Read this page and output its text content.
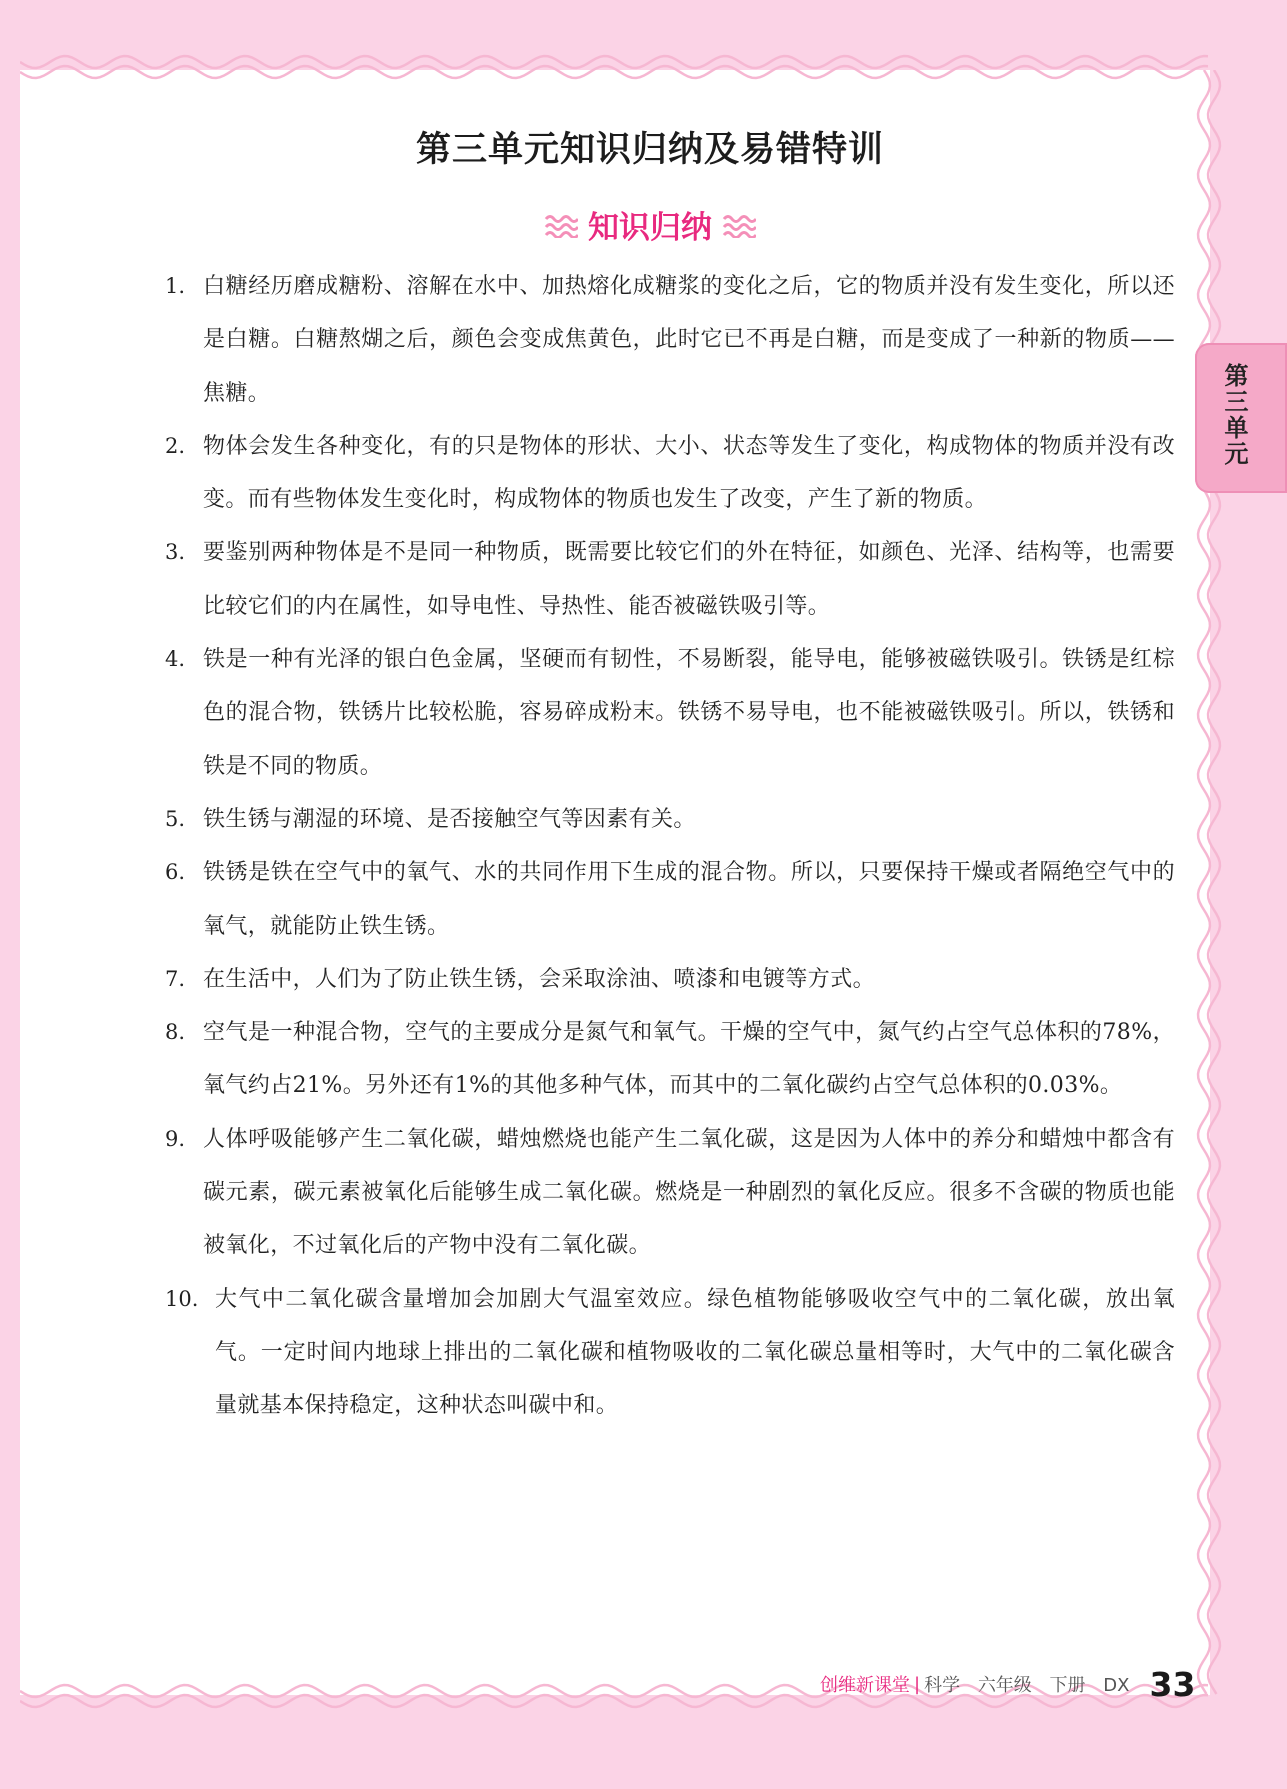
第三单元知识归纳及易错特训
知识归纳
1. 白糖经历磨成糖粉、溶解在水中、加热熔化成糖浆的变化之后，它的物质并没有发生变化，所以还是白糖。白糖熬煳之后，颜色会变成焦黄色，此时它已不再是白糖，而是变成了一种新的物质——焦糖。
2. 物体会发生各种变化，有的只是物体的形状、大小、状态等发生了变化，构成物体的物质并没有改变。而有些物体发生变化时，构成物体的物质也发生了改变，产生了新的物质。
3. 要鉴别两种物体是不是同一种物质，既需要比较它们的外在特征，如颜色、光泽、结构等，也需要比较它们的内在属性，如导电性、导热性、能否被磁铁吸引等。
4. 铁是一种有光泽的银白色金属，坚硬而有韧性，不易断裂，能导电，能够被磁铁吸引。铁锈是红棕色的混合物，铁锈片比较松脆，容易碎成粉末。铁锈不易导电，也不能被磁铁吸引。所以，铁锈和铁是不同的物质。
5. 铁生锈与潮湿的环境、是否接触空气等因素有关。
6. 铁锈是铁在空气中的氧气、水的共同作用下生成的混合物。所以，只要保持干燥或者隔绝空气中的氧气，就能防止铁生锈。
7. 在生活中，人们为了防止铁生锈，会采取涂油、喷漆和电镀等方式。
8. 空气是一种混合物，空气的主要成分是氮气和氧气。干燥的空气中，氮气约占空气总体积的78%，氧气约占21%。另外还有1%的其他多种气体，而其中的二氧化碳约占空气总体积的0.03%。
9. 人体呼吸能够产生二氧化碳，蜡烛燃烧也能产生二氧化碳，这是因为人体中的养分和蜡烛中都含有碳元素，碳元素被氧化后能够生成二氧化碳。燃烧是一种剧烈的氧化反应。很多不含碳的物质也能被氧化，不过氧化后的产物中没有二氧化碳。
10. 大气中二氧化碳含量增加会加剧大气温室效应。绿色植物能够吸收空气中的二氧化碳，放出氧气。一定时间内地球上排出的二氧化碳和植物吸收的二氧化碳总量相等时，大气中的二氧化碳含量就基本保持稳定，这种状态叫碳中和。
第三单元
创维新课堂 | 科学 六年级 下册 DX 33
